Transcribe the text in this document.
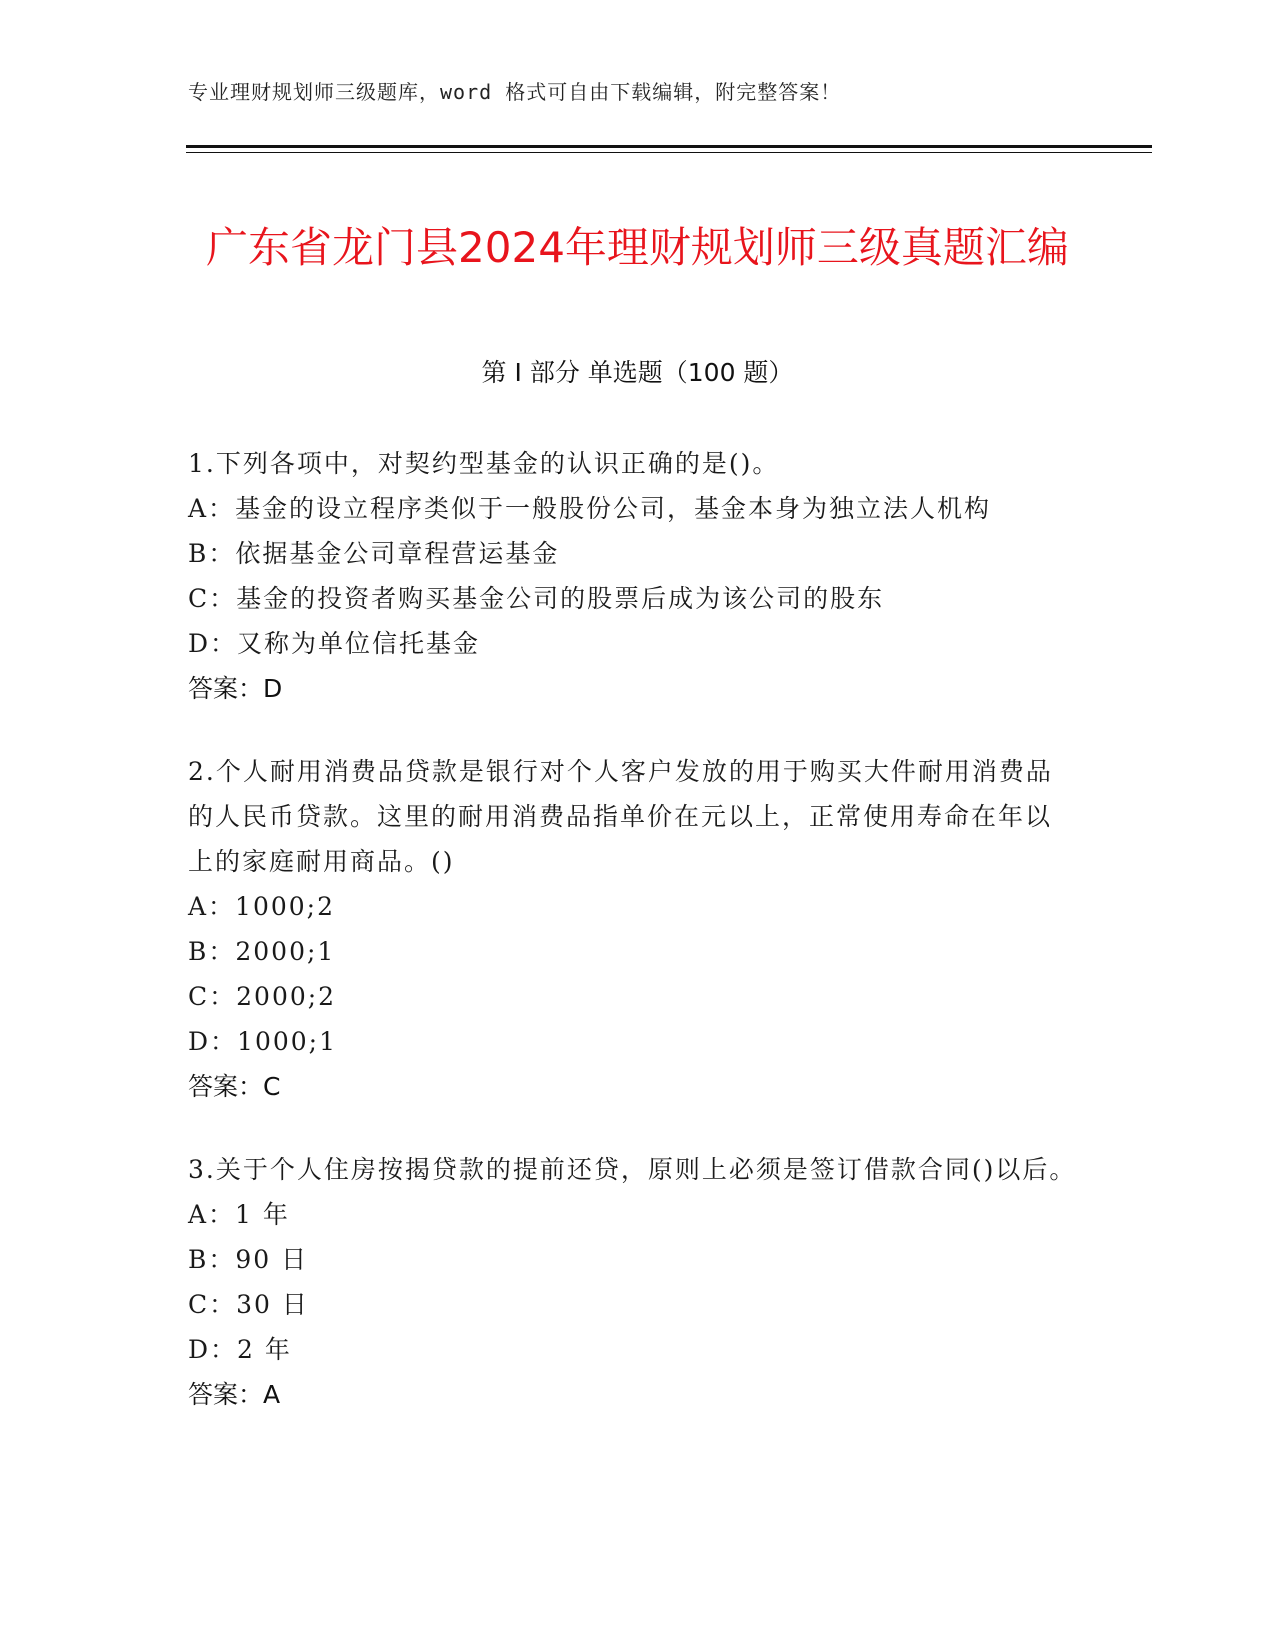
专业理财规划师三级题库，word 格式可自由下载编辑，附完整答案！
广东省龙门县2024年理财规划师三级真题汇编
第 I 部分 单选题（100 题）

1.下列各项中，对契约型基金的认识正确的是()。

A：基金的设立程序类似于一般股份公司，基金本身为独立法人机构

B：依据基金公司章程营运基金

C：基金的投资者购买基金公司的股票后成为该公司的股东

D：又称为单位信托基金

答案：D

2.个人耐用消费品贷款是银行对个人客户发放的用于购买大件耐用消费品的人民币贷款。这里的耐用消费品指单价在元以上，正常使用寿命在年以上的家庭耐用商品。()

A：1000;2

B：2000;1

C：2000;2

D：1000;1

答案：C

3.关于个人住房按揭贷款的提前还贷，原则上必须是签订借款合同()以后。

A：1 年

B：90 日

C：30 日

D：2 年

答案：A
